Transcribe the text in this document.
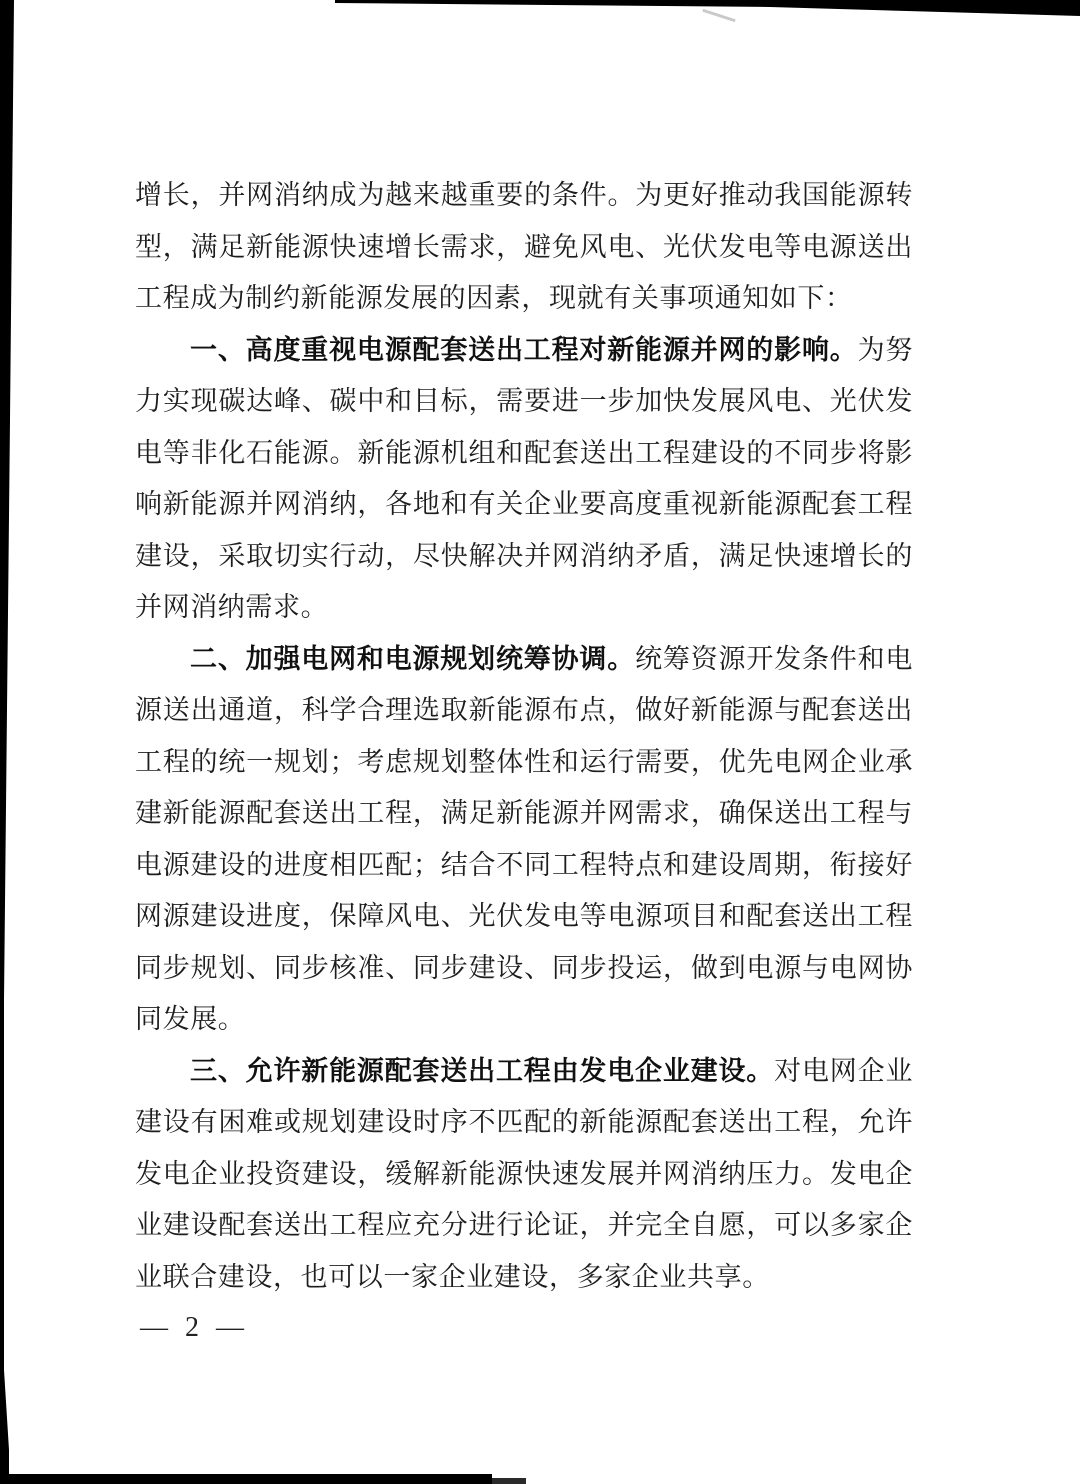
增长，并网消纳成为越来越重要的条件。为更好推动我国能源转型，满足新能源快速增长需求，避免风电、光伏发电等电源送出工程成为制约新能源发展的因素，现就有关事项通知如下：

一、高度重视电源配套送出工程对新能源并网的影响。为努力实现碳达峰、碳中和目标，需要进一步加快发展风电、光伏发电等非化石能源。新能源机组和配套送出工程建设的不同步将影响新能源并网消纳，各地和有关企业要高度重视新能源配套工程建设，采取切实行动，尽快解决并网消纳矛盾，满足快速增长的并网消纳需求。

二、加强电网和电源规划统筹协调。统筹资源开发条件和电源送出通道，科学合理选取新能源布点，做好新能源与配套送出工程的统一规划；考虑规划整体性和运行需要，优先电网企业承建新能源配套送出工程，满足新能源并网需求，确保送出工程与电源建设的进度相匹配；结合不同工程特点和建设周期，衔接好网源建设进度，保障风电、光伏发电等电源项目和配套送出工程同步规划、同步核准、同步建设、同步投运，做到电源与电网协同发展。

三、允许新能源配套送出工程由发电企业建设。对电网企业建设有困难或规划建设时序不匹配的新能源配套送出工程，允许发电企业投资建设，缓解新能源快速发展并网消纳压力。发电企业建设配套送出工程应充分进行论证，并完全自愿，可以多家企业联合建设，也可以一家企业建设，多家企业共享。

— 2 —
